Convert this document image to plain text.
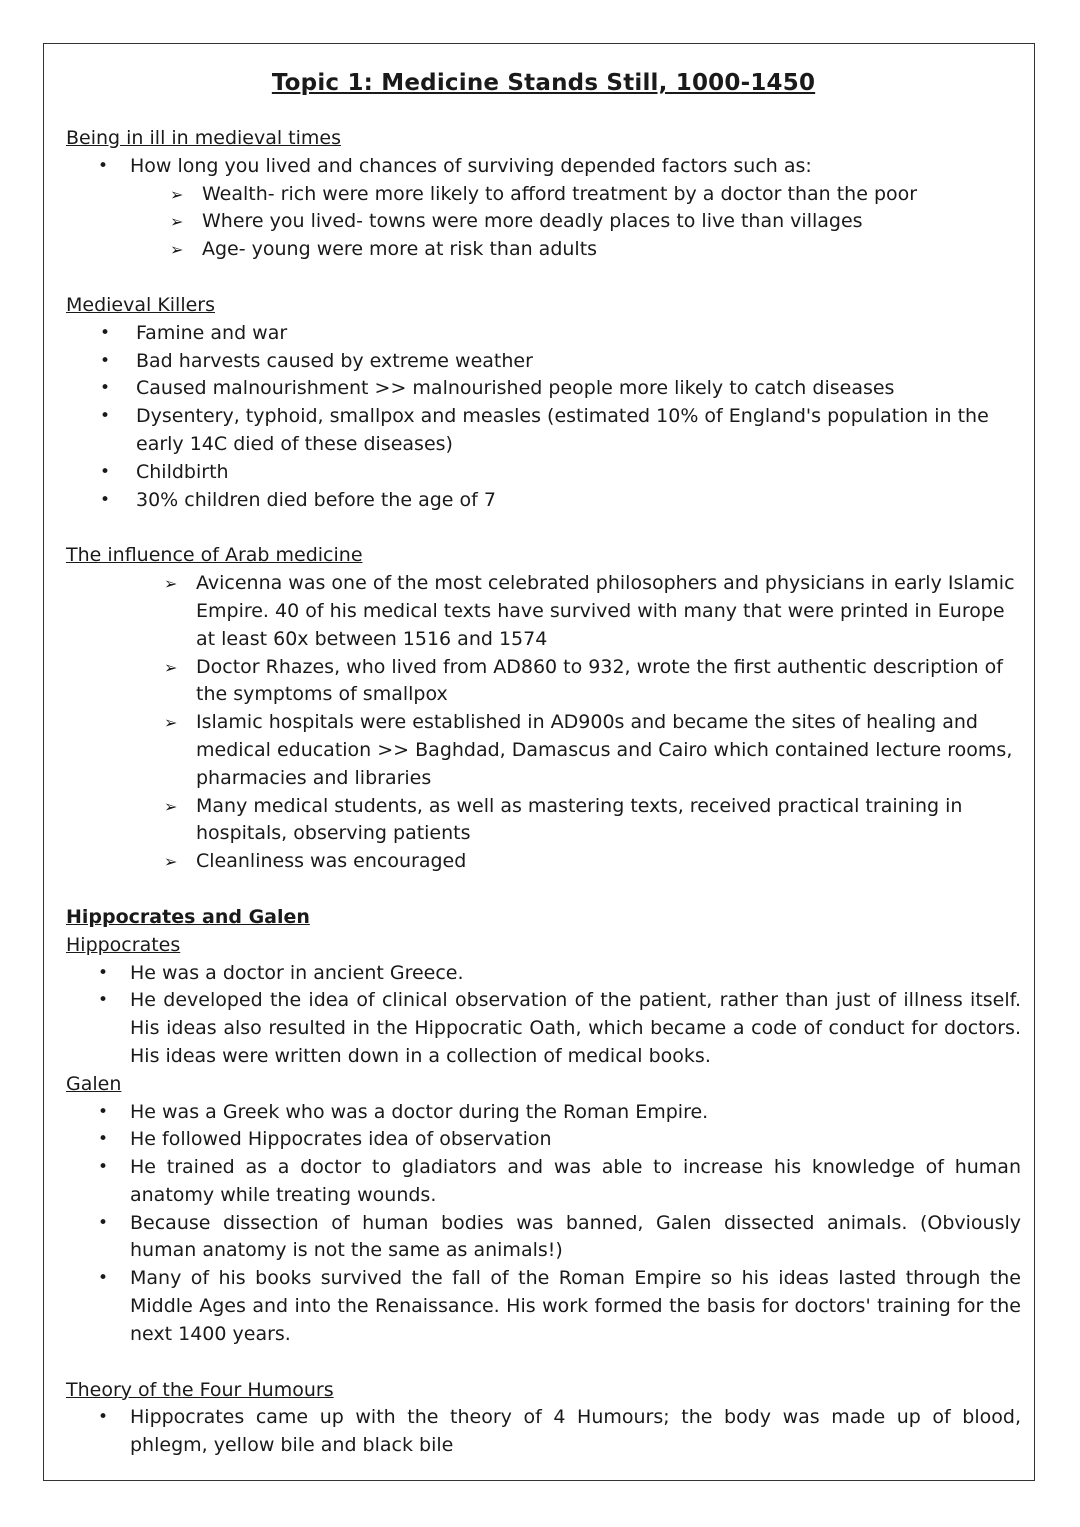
Topic 1: Medicine Stands Still, 1000-1450

Being in ill in medieval times

• How long you lived and chances of surviving depended factors such as:
➢ Wealth- rich were more likely to afford treatment by a doctor than the poor
➢ Where you lived- towns were more deadly places to live than villages
➢ Age- young were more at risk than adults

Medieval Killers

• Famine and war
• Bad harvests caused by extreme weather
• Caused malnourishment >> malnourished people more likely to catch diseases
• Dysentery, typhoid, smallpox and measles (estimated 10% of England's population in the early 14C died of these diseases)
• Childbirth
• 30% children died before the age of 7

The influence of Arab medicine

➢ Avicenna was one of the most celebrated philosophers and physicians in early Islamic Empire. 40 of his medical texts have survived with many that were printed in Europe at least 60x between 1516 and 1574
➢ Doctor Rhazes, who lived from AD860 to 932, wrote the first authentic description of the symptoms of smallpox
➢ Islamic hospitals were established in AD900s and became the sites of healing and medical education >> Baghdad, Damascus and Cairo which contained lecture rooms, pharmacies and libraries
➢ Many medical students, as well as mastering texts, received practical training in hospitals, observing patients
➢ Cleanliness was encouraged

Hippocrates and Galen

Hippocrates

• He was a doctor in ancient Greece.
• He developed the idea of clinical observation of the patient, rather than just of illness itself. His ideas also resulted in the Hippocratic Oath, which became a code of conduct for doctors. His ideas were written down in a collection of medical books.

Galen

• He was a Greek who was a doctor during the Roman Empire.
• He followed Hippocrates idea of observation
• He trained as a doctor to gladiators and was able to increase his knowledge of human anatomy while treating wounds.
• Because dissection of human bodies was banned, Galen dissected animals. (Obviously human anatomy is not the same as animals!)
• Many of his books survived the fall of the Roman Empire so his ideas lasted through the Middle Ages and into the Renaissance. His work formed the basis for doctors' training for the next 1400 years.

Theory of the Four Humours

• Hippocrates came up with the theory of 4 Humours; the body was made up of blood, phlegm, yellow bile and black bile
